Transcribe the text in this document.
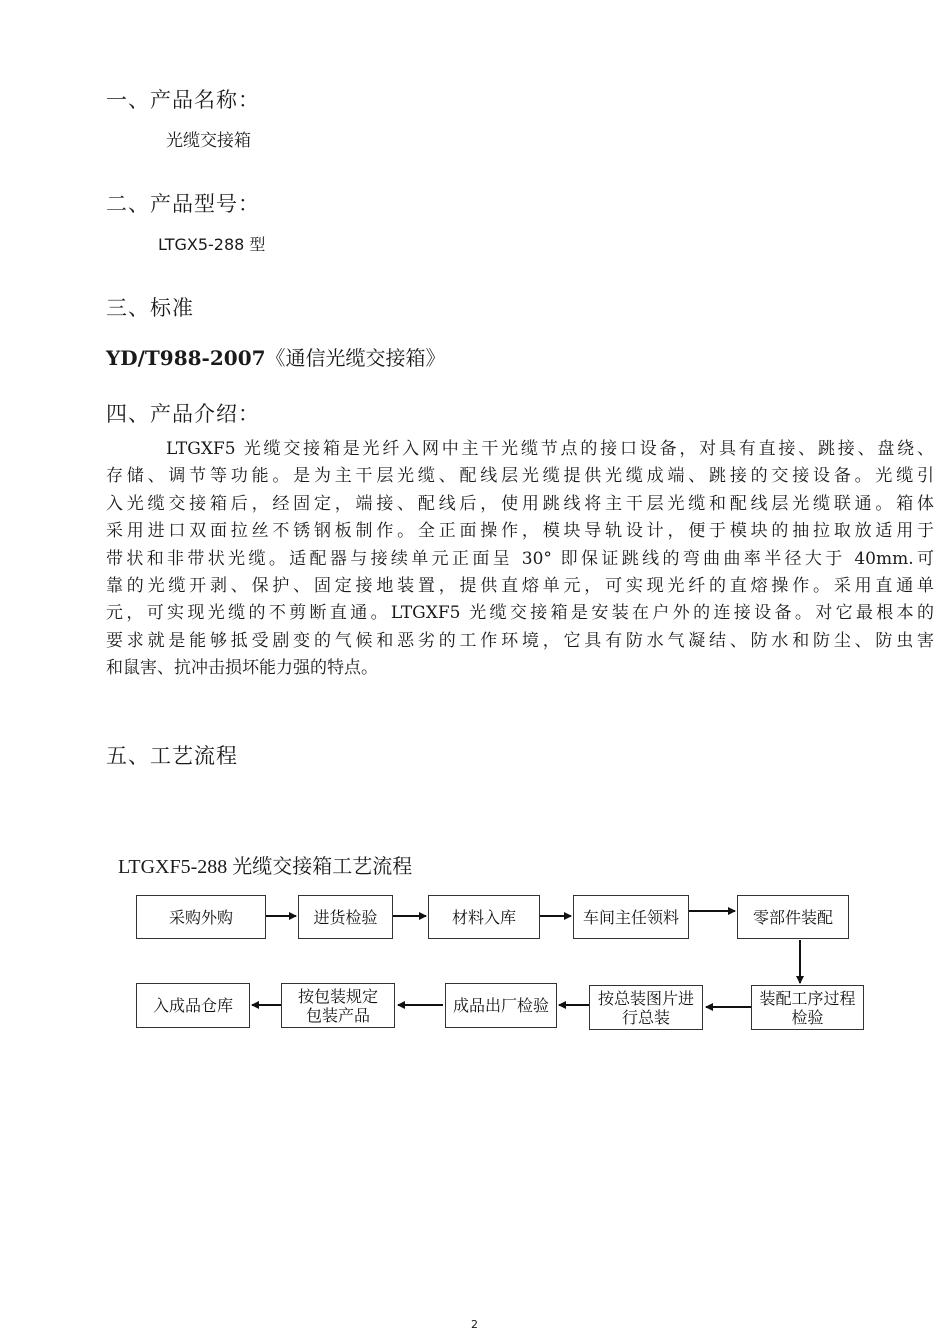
一、产品名称：
光缆交接箱
二、产品型号：
LTGX5-288 型
三、标准
YD/T988-2007《通信光缆交接箱》
四、产品介绍：
LTGXF5 光缆交接箱是光纤入网中主干光缆节点的接口设备，对具有直接、跳接、盘绕、
存储、调节等功能。是为主干层光缆、配线层光缆提供光缆成端、跳接的交接设备。光缆引
入光缆交接箱后，经固定，端接、配线后，使用跳线将主干层光缆和配线层光缆联通。箱体
采用进口双面拉丝不锈钢板制作。全正面操作，模块导轨设计，便于模块的抽拉取放适用于
带状和非带状光缆。适配器与接续单元正面呈 30° 即保证跳线的弯曲曲率半径大于 40mm.可
靠的光缆开剥、保护、固定接地装置，提供直熔单元，可实现光纤的直熔操作。采用直通单
元，可实现光缆的不剪断直通。LTGXF5 光缆交接箱是安装在户外的连接设备。对它最根本的
要求就是能够抵受剧变的气候和恶劣的工作环境，它具有防水气凝结、防水和防尘、防虫害
和鼠害、抗冲击损坏能力强的特点。
五、工艺流程
LTGXF5-288 光缆交接箱工艺流程
采购外购	进货检验	材料入库	车间主任领料	零部件装配
装配工序过程检验
按总装图片进行总装
成品出厂检验
按包装规定包装产品
入成品仓库
2
